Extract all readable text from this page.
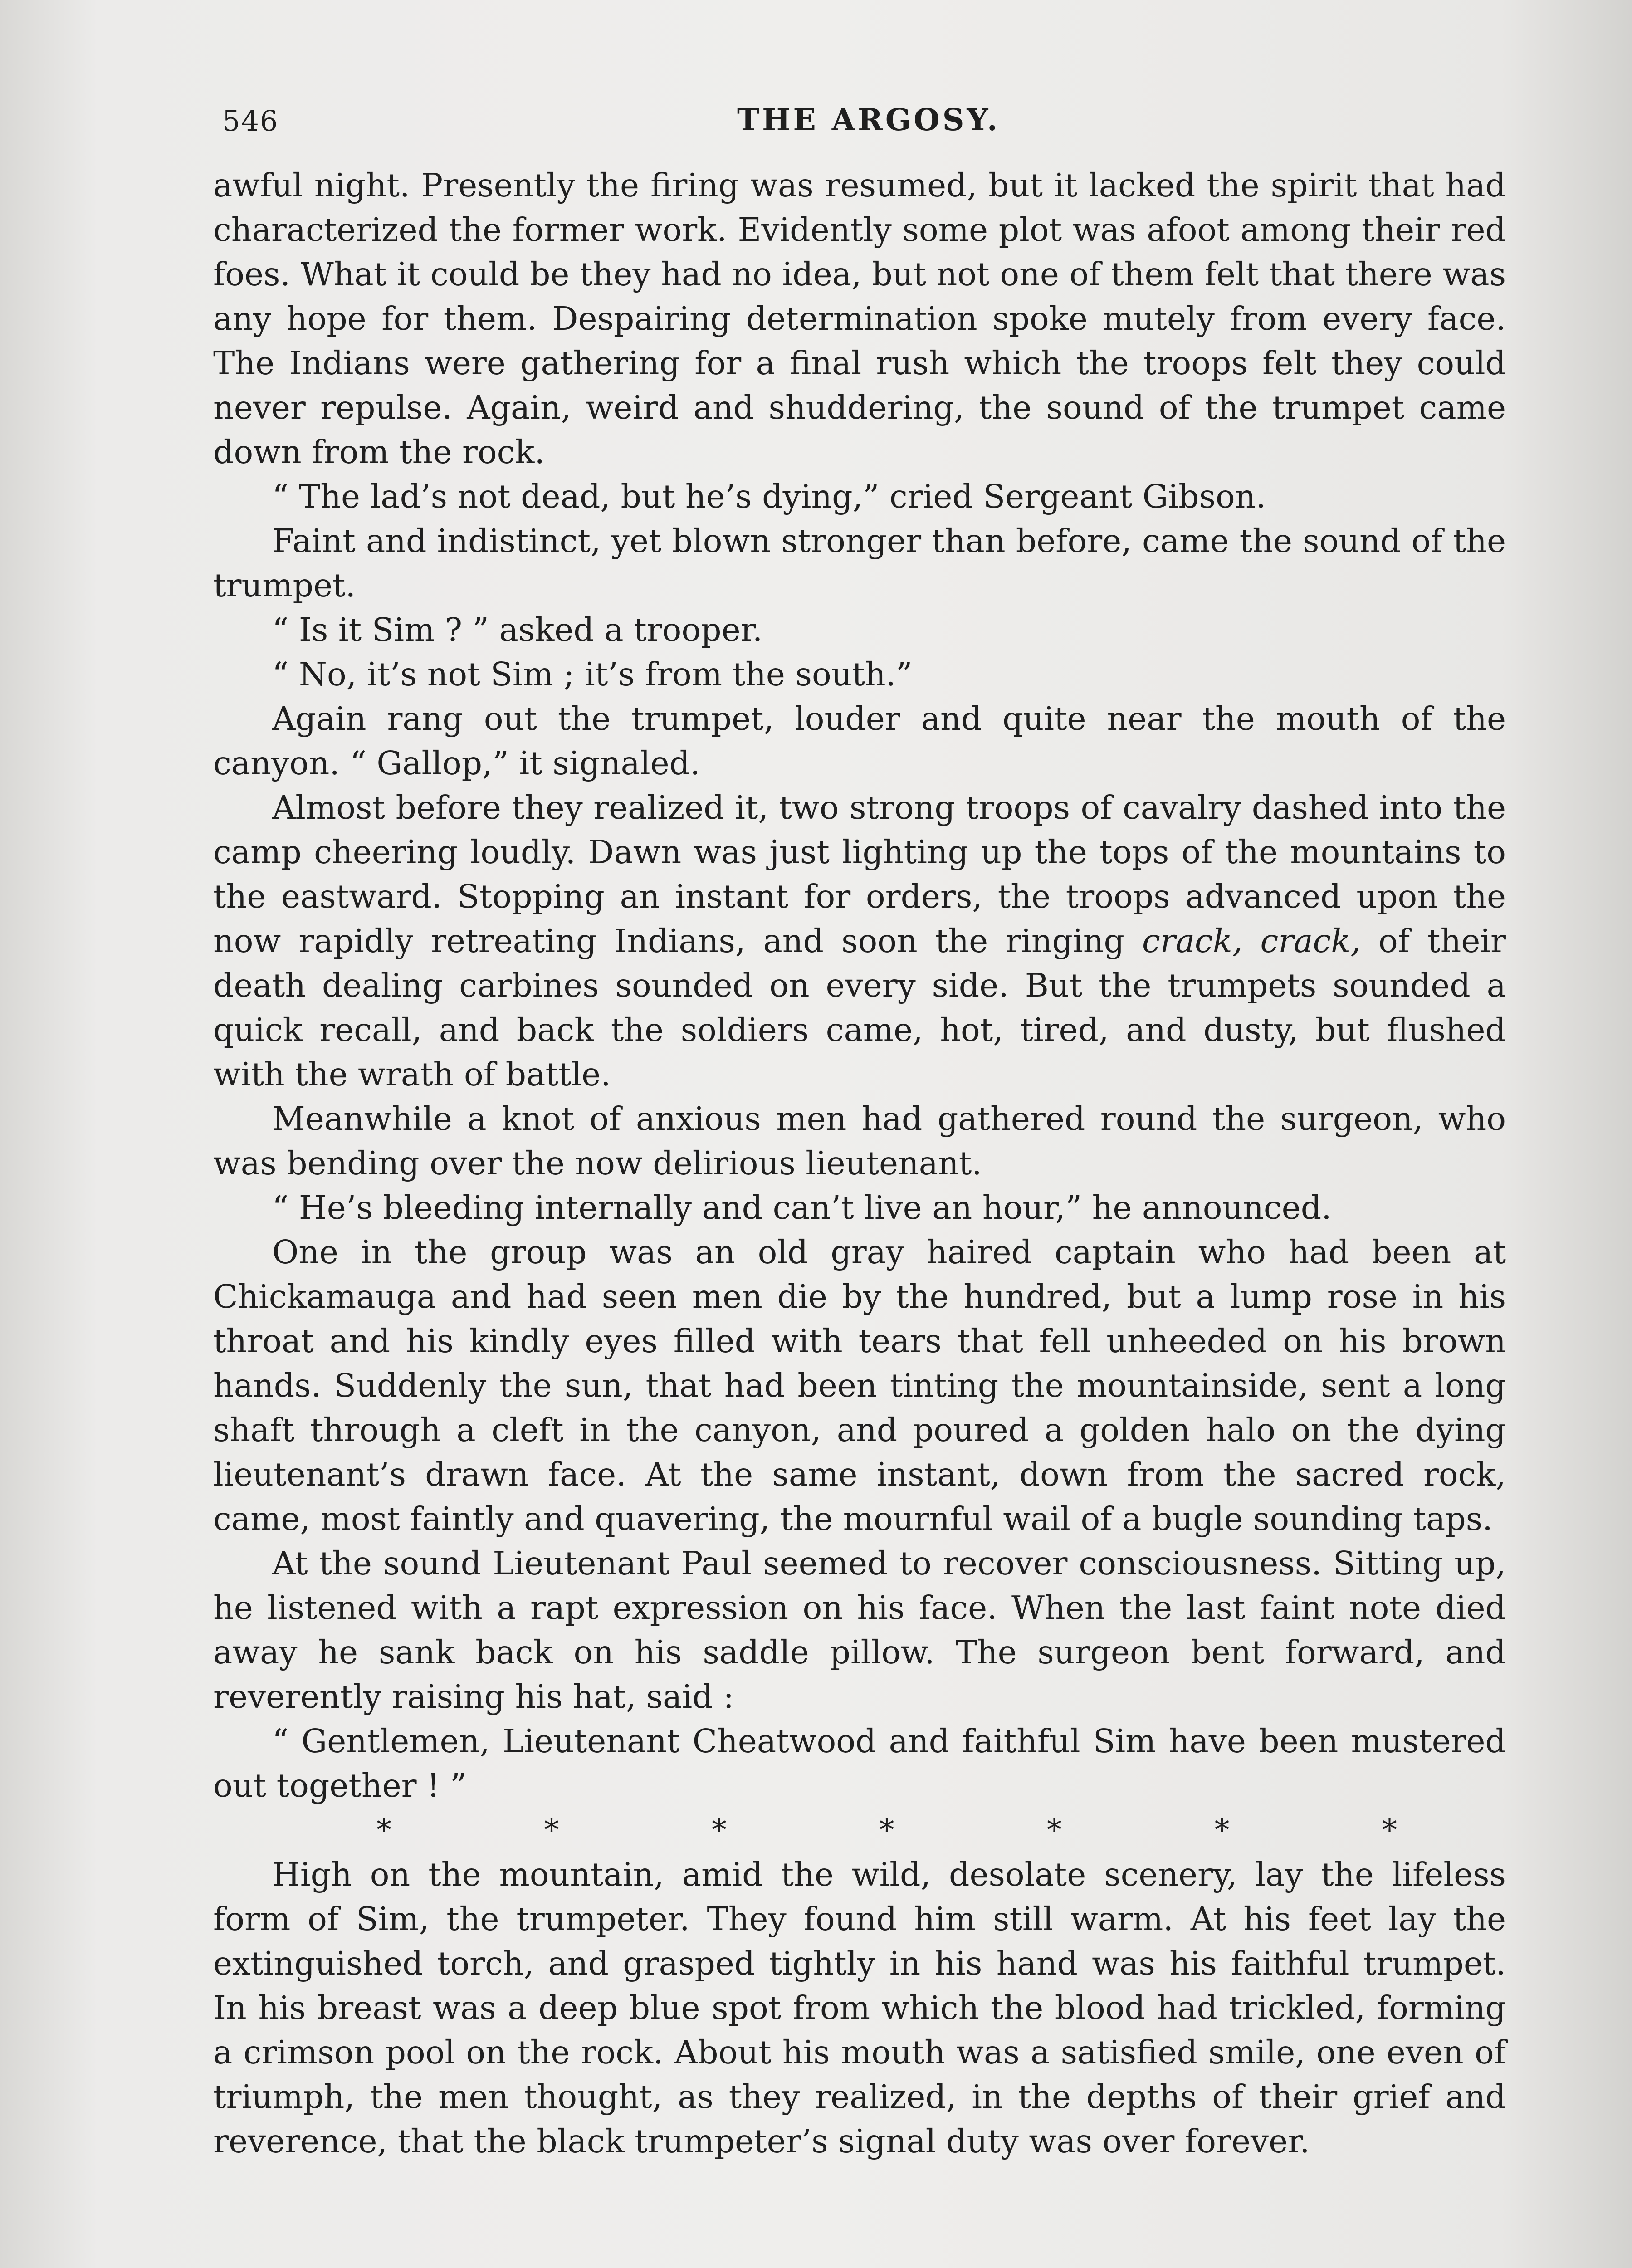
546	THE ARGOSY.

awful night. Presently the firing was resumed, but it lacked the spirit that had characterized the former work. Evidently some plot was afoot among their red foes. What it could be they had no idea, but not one of them felt that there was any hope for them. Despairing determination spoke mutely from every face. The Indians were gathering for a final rush which the troops felt they could never repulse. Again, weird and shuddering, the sound of the trumpet came down from the rock.

“ The lad’s not dead, but he’s dying,” cried Sergeant Gibson.

Faint and indistinct, yet blown stronger than before, came the sound of the trumpet.

“ Is it Sim ? ” asked a trooper.

“ No, it’s not Sim ; it’s from the south.”

Again rang out the trumpet, louder and quite near the mouth of the canyon. “ Gallop,” it signaled.

Almost before they realized it, two strong troops of cavalry dashed into the camp cheering loudly. Dawn was just lighting up the tops of the mountains to the eastward. Stopping an instant for orders, the troops advanced upon the now rapidly retreating Indians, and soon the ringing crack, crack, of their death dealing carbines sounded on every side. But the trumpets sounded a quick recall, and back the soldiers came, hot, tired, and dusty, but flushed with the wrath of battle.

Meanwhile a knot of anxious men had gathered round the surgeon, who was bending over the now delirious lieutenant.

“ He’s bleeding internally and can’t live an hour,” he announced.

One in the group was an old gray haired captain who had been at Chickamauga and had seen men die by the hundred, but a lump rose in his throat and his kindly eyes filled with tears that fell unheeded on his brown hands. Suddenly the sun, that had been tinting the mountainside, sent a long shaft through a cleft in the canyon, and poured a golden halo on the dying lieutenant’s drawn face. At the same instant, down from the sacred rock, came, most faintly and quavering, the mournful wail of a bugle sounding taps.

At the sound Lieutenant Paul seemed to recover consciousness. Sitting up, he listened with a rapt expression on his face. When the last faint note died away he sank back on his saddle pillow. The surgeon bent forward, and reverently raising his hat, said :

“ Gentlemen, Lieutenant Cheatwood and faithful Sim have been mustered out together ! ”

*	*	*	*	*	*	*

High on the mountain, amid the wild, desolate scenery, lay the lifeless form of Sim, the trumpeter. They found him still warm. At his feet lay the extinguished torch, and grasped tightly in his hand was his faithful trumpet. In his breast was a deep blue spot from which the blood had trickled, forming a crimson pool on the rock. About his mouth was a satisfied smile, one even of triumph, the men thought, as they realized, in the depths of their grief and reverence, that the black trumpeter’s signal duty was over forever.
